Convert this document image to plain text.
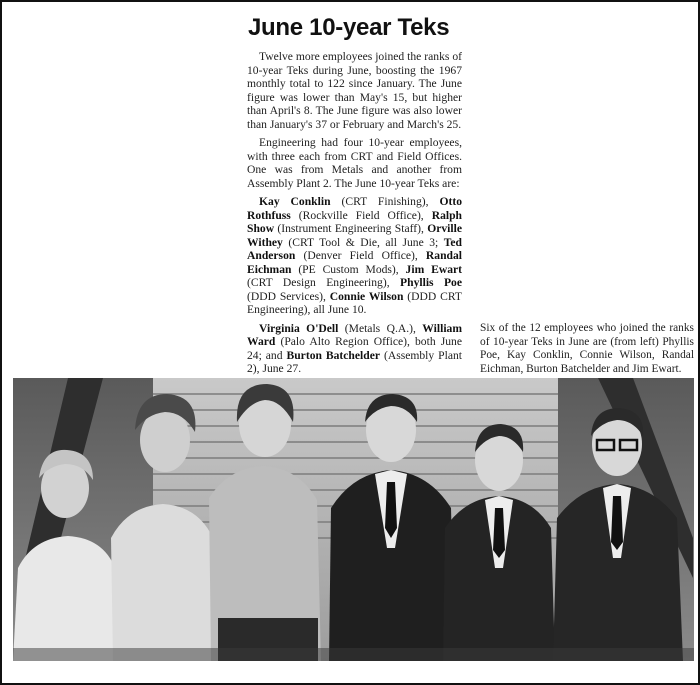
June 10-year Teks

Twelve more employees joined the ranks of 10-year Teks during June, boosting the 1967 monthly total to 122 since January. The June figure was lower than May's 15, but higher than April's 8. The June figure was also lower than January's 37 or February and March's 25.

Engineering had four 10-year employees, with three each from CRT and Field Offices. One was from Metals and another from Assembly Plant 2. The June 10-year Teks are:

Kay Conklin (CRT Finishing), Otto Rothfuss (Rockville Field Office), Ralph Show (Instrument Engineering Staff), Orville Withey (CRT Tool & Die, all June 3; Ted Anderson (Denver Field Office), Randal Eichman (PE Custom Mods), Jim Ewart (CRT Design Engineering), Phyllis Poe (DDD Services), Connie Wilson (DDD CRT Engineering), all June 10.

Virginia O'Dell (Metals Q.A.), William Ward (Palo Alto Region Office), both June 24; and Burton Batchelder (Assembly Plant 2), June 27.

Six of the 12 employees who joined the ranks of 10-year Teks in June are (from left) Phyllis Poe, Kay Conklin, Connie Wilson, Randal Eichman, Burton Batchelder and Jim Ewart.
